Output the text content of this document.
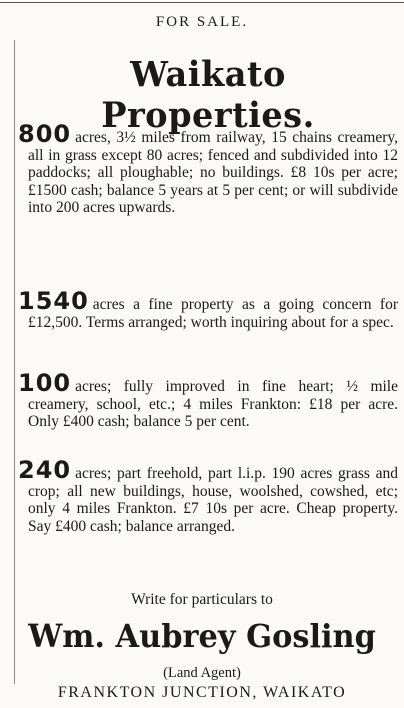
FOR SALE.
Waikato Properties.

800 acres, 3½ miles from railway, 15 chains creamery, all in grass except 80 acres; fenced and subdivided into 12 paddocks; all ploughable; no buildings. £8 10s per acre; £1500 cash; balance 5 years at 5 per cent; or will subdivide into 200 acres upwards.

1540 acres a fine property as a going concern for £12,500. Terms arranged; worth inquiring about for a spec.

100 acres; fully improved in fine heart; ½ mile creamery, school, etc.; 4 miles Frankton: £18 per acre. Only £400 cash; balance 5 per cent.

240 acres; part freehold, part l.i.p. 190 acres grass and crop; all new buildings, house, woolshed, cowshed, etc; only 4 miles Frankton. £7 10s per acre. Cheap property. Say £400 cash; balance arranged.

Write for particulars to
Wm. Aubrey Gosling
(Land Agent)
FRANKTON JUNCTION, WAIKATO
